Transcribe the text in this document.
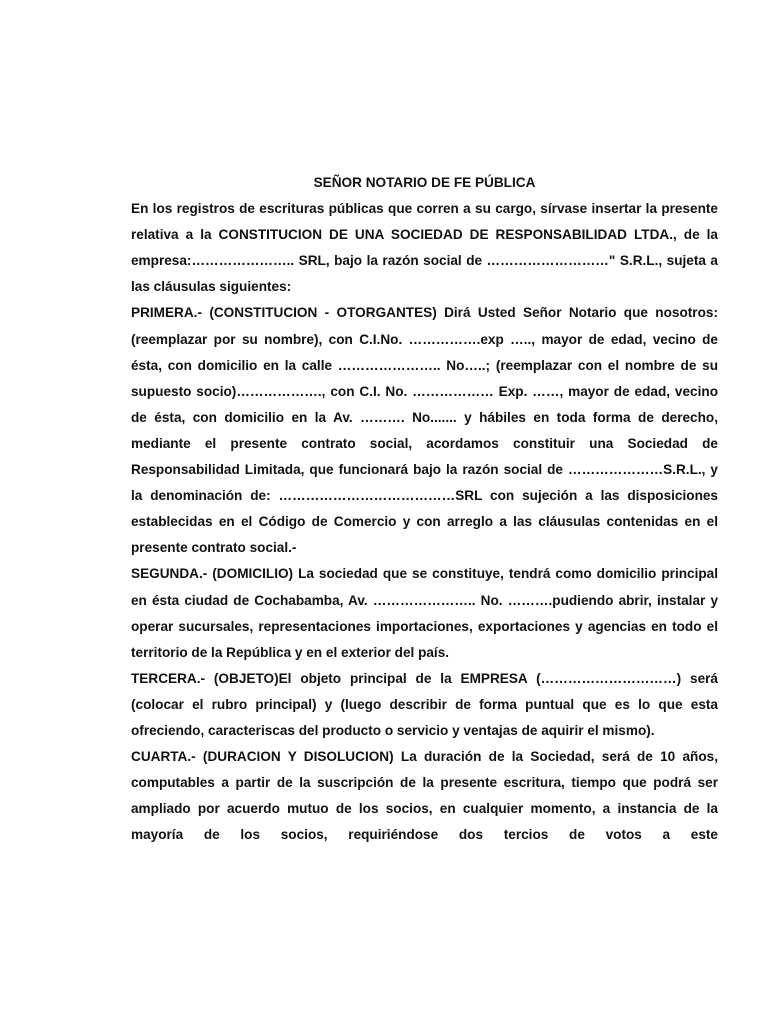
SEÑOR NOTARIO DE FE PÚBLICA

En los registros de escrituras públicas que corren a su cargo, sírvase insertar la presente relativa a la CONSTITUCION DE UNA SOCIEDAD DE RESPONSABILIDAD LTDA., de la empresa:………………….. SRL, bajo la razón social de ………………………" S.R.L., sujeta a las cláusulas siguientes:

PRIMERA.- (CONSTITUCION - OTORGANTES) Dirá Usted Señor Notario que nosotros: (reemplazar por su nombre), con C.I.No. …………….exp ….., mayor de edad, vecino de ésta, con domicilio en la calle ………………….. No…..; (reemplazar con el nombre de su supuesto socio)………………., con C.I. No. ……………… Exp. ……, mayor de edad, vecino de ésta, con domicilio en la Av. ………. No....... y hábiles en toda forma de derecho, mediante el presente contrato social, acordamos constituir una Sociedad de Responsabilidad Limitada, que funcionará bajo la razón social de …………………S.R.L., y la denominación de: …………………………………SRL con sujeción a las disposiciones establecidas en el Código de Comercio y con arreglo a las cláusulas contenidas en el presente contrato social.-

SEGUNDA.- (DOMICILIO) La sociedad que se constituye, tendrá como domicilio principal en ésta ciudad de Cochabamba, Av. ………………….. No. ……….pudiendo abrir, instalar y operar sucursales, representaciones importaciones, exportaciones y agencias en todo el territorio de la República y en el exterior del país.

TERCERA.- (OBJETO)El objeto principal de la EMPRESA (…………………………) será (colocar el rubro principal) y (luego describir de forma puntual que es lo que esta ofreciendo, caracteriscas del producto o servicio y ventajas de aquirir el mismo).

CUARTA.- (DURACION Y DISOLUCION) La duración de la Sociedad, será de 10 años, computables a partir de la suscripción de la presente escritura, tiempo que podrá ser ampliado por acuerdo mutuo de los socios, en cualquier momento, a instancia de la mayoría de los socios, requiriéndose dos tercios de votos a este
